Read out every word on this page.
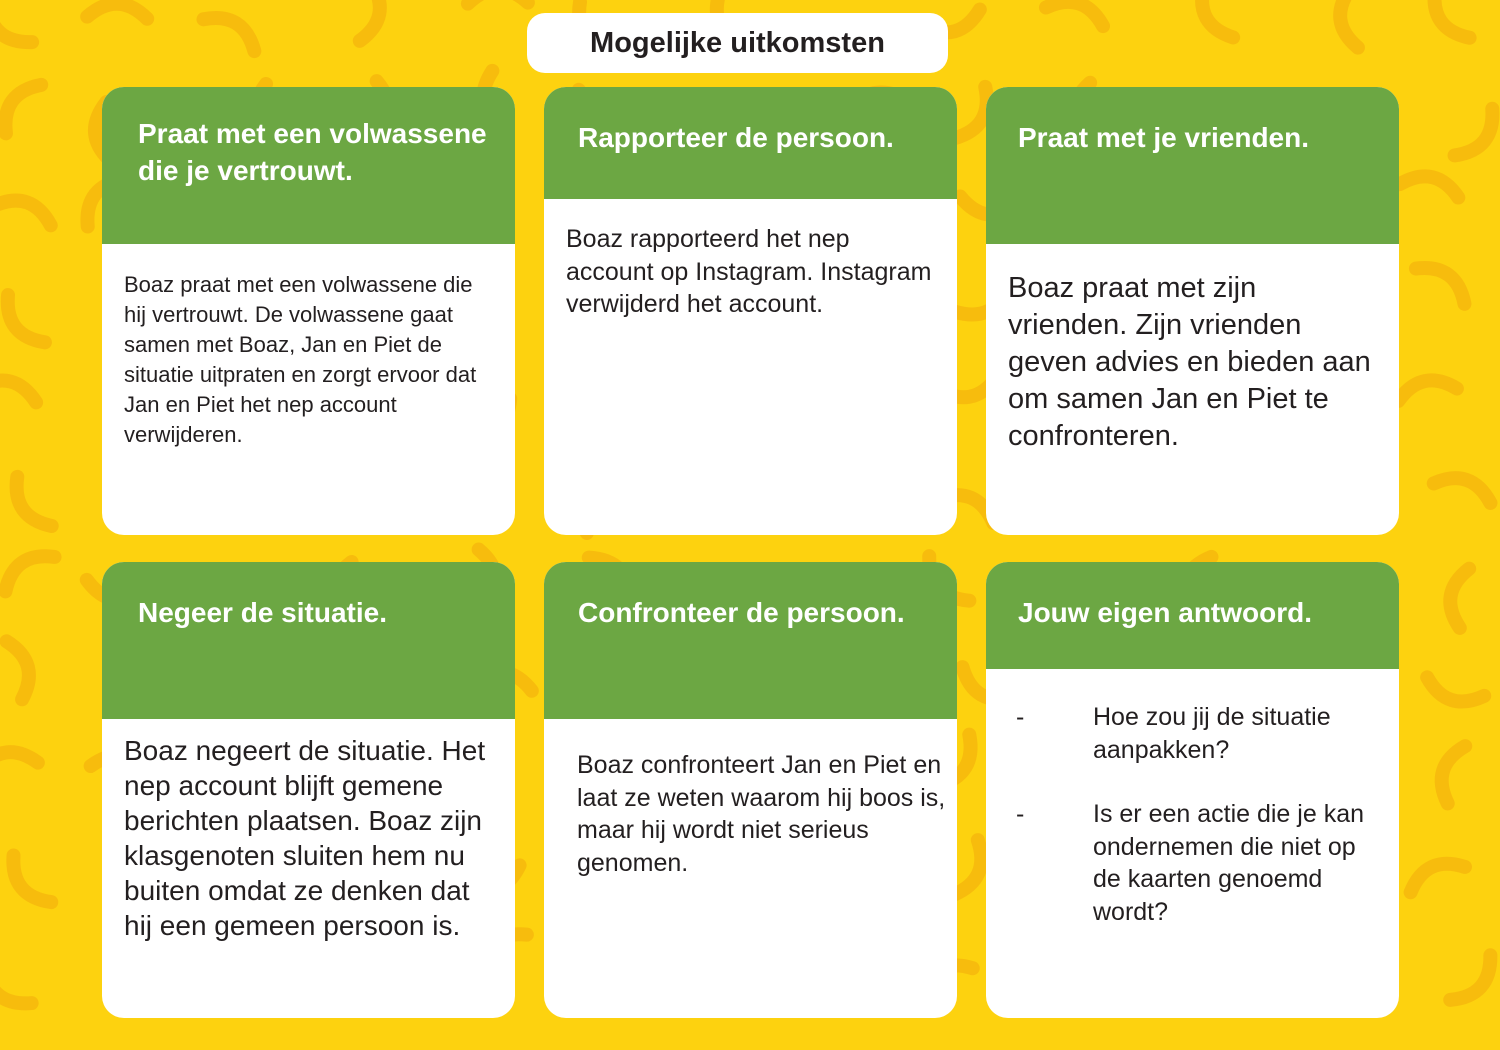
Mogelijke uitkomsten
Praat met een volwassene die je vertrouwt.
Boaz praat met een volwassene die hij vertrouwt. De volwassene gaat samen met Boaz, Jan en Piet de situatie uitpraten en zorgt ervoor dat Jan en Piet het nep account verwijderen.
Rapporteer de persoon.
Boaz rapporteerd het nep account op Instagram. Instagram verwijderd het account.
Praat met je vrienden.
Boaz praat met zijn vrienden. Zijn vrienden geven advies en bieden aan om samen Jan en Piet te confronteren.
Negeer de situatie.
Boaz negeert de situatie. Het nep account blijft gemene berichten plaatsen. Boaz zijn klasgenoten sluiten hem nu buiten omdat ze denken dat hij een gemeen persoon is.
Confronteer de persoon.
Boaz confronteert Jan en Piet en laat ze weten waarom hij boos is, maar hij wordt niet serieus genomen.
Jouw eigen antwoord.
-	Hoe zou jij de situatie aanpakken?
-	Is er een actie die je kan ondernemen die niet op de kaarten genoemd wordt?
